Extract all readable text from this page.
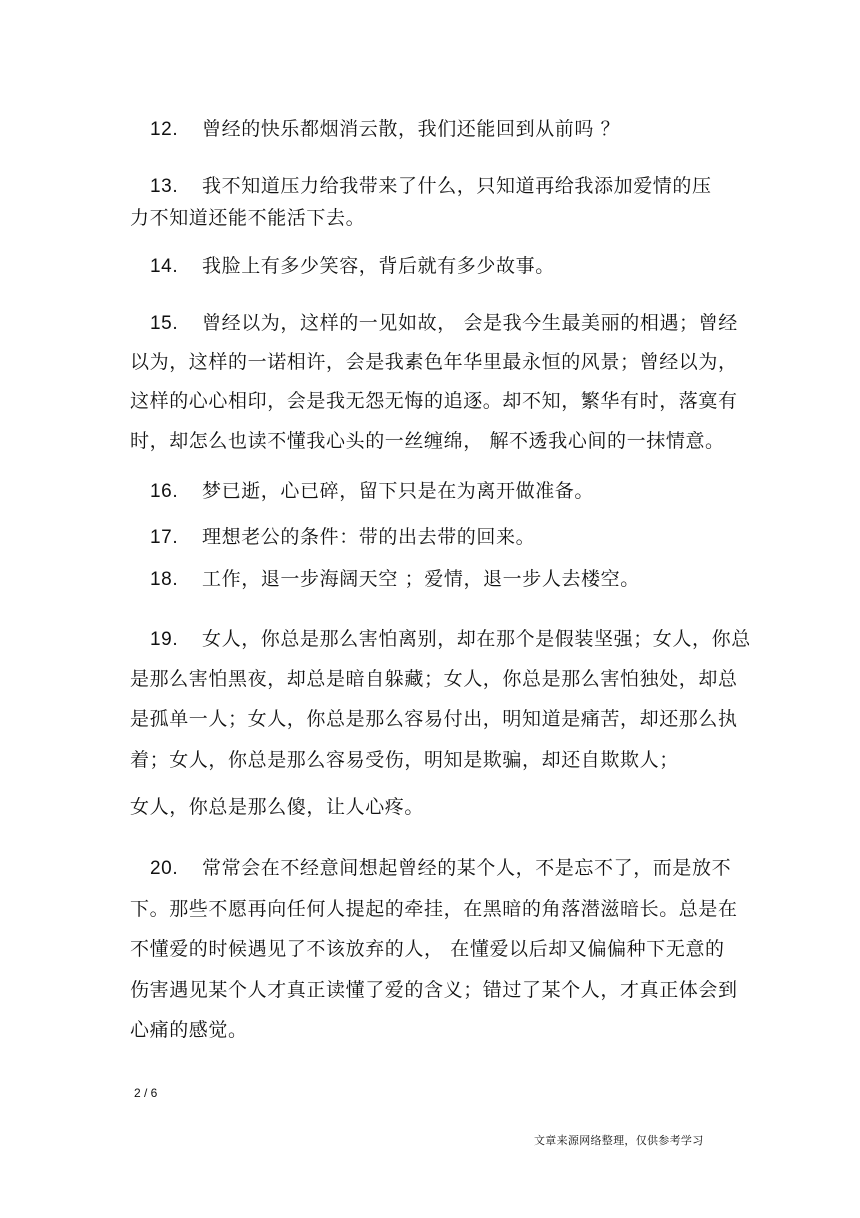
12. 曾经的快乐都烟消云散，我们还能回到从前吗 ？
13. 我不知道压力给我带来了什么，只知道再给我添加爱情的压
力不知道还能不能活下去。
14. 我脸上有多少笑容，背后就有多少故事。
15. 曾经以为，这样的一见如故， 会是我今生最美丽的相遇；曾经
以为，这样的一诺相许，会是我素色年华里最永恒的风景；曾经以为，
这样的心心相印，会是我无怨无悔的追逐。却不知，繁华有时，落寞有
时，却怎么也读不懂我心头的一丝缠绵， 解不透我心间的一抹情意。
16. 梦已逝，心已碎，留下只是在为离开做准备。
17. 理想老公的条件：带的出去带的回来。
18. 工作，退一步海阔天空 ；爱情，退一步人去楼空。
19. 女人，你总是那么害怕离别，却在那个是假装坚强；女人，你总
是那么害怕黑夜，却总是暗自躲藏；女人，你总是那么害怕独处，却总
是孤单一人；女人，你总是那么容易付出，明知道是痛苦，却还那么执
着；女人，你总是那么容易受伤，明知是欺骗，却还自欺欺人；
女人，你总是那么傻，让人心疼。
20. 常常会在不经意间想起曾经的某个人，不是忘不了，而是放不
下。那些不愿再向任何人提起的牵挂，在黑暗的角落潜滋暗长。总是在
不懂爱的时候遇见了不该放弃的人， 在懂爱以后却又偏偏种下无意的
伤害遇见某个人才真正读懂了爱的含义；错过了某个人，才真正体会到
心痛的感觉。
2 / 6
文章来源网络整理，仅供参考学习
